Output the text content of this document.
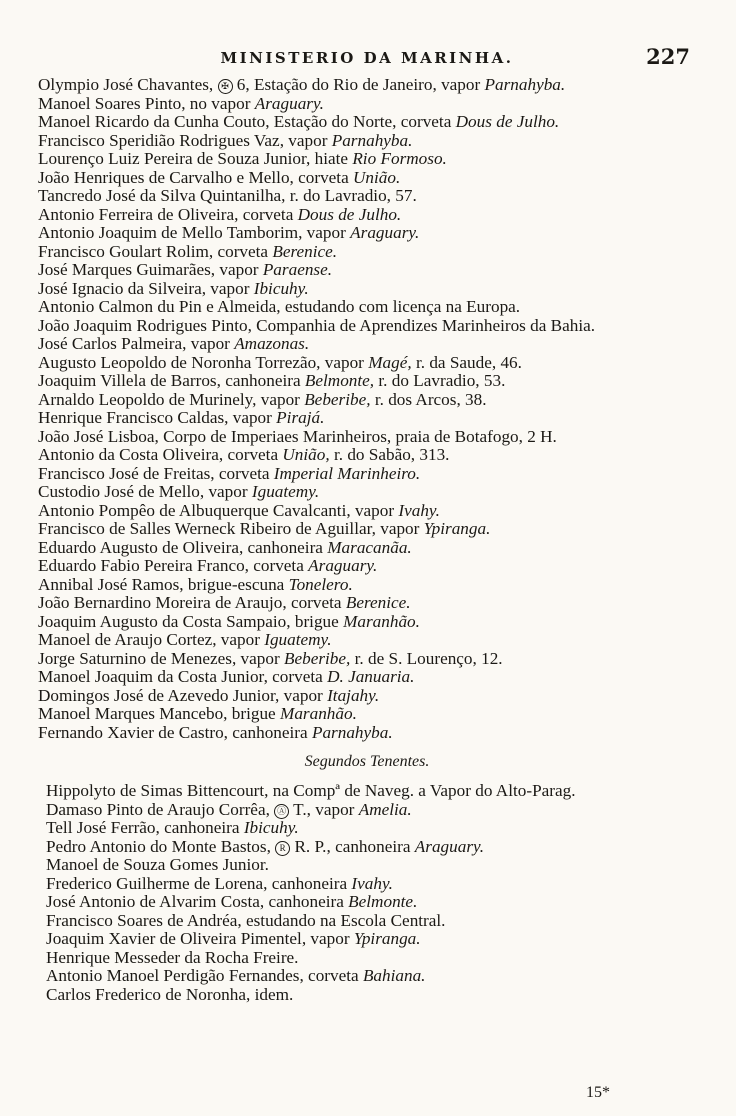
MINISTERIO DA MARINHA.	227
Olympio José Chavantes, ✠ 6, Estação do Rio de Janeiro, vapor Parnahyba.
Manoel Soares Pinto, no vapor Araguary.
Manoel Ricardo da Cunha Couto, Estação do Norte, corveta Dous de Julho.
Francisco Speridião Rodrigues Vaz, vapor Parnahyba.
Lourenço Luiz Pereira de Souza Junior, hiate Rio Formoso.
João Henriques de Carvalho e Mello, corveta União.
Tancredo José da Silva Quintanilha, r. do Lavradio, 57.
Antonio Ferreira de Oliveira, corveta Dous de Julho.
Antonio Joaquim de Mello Tamborim, vapor Araguary.
Francisco Goulart Rolim, corveta Berenice.
José Marques Guimarães, vapor Paraense.
José Ignacio da Silveira, vapor Ibicuhy.
Antonio Calmon du Pin e Almeida, estudando com licença na Europa.
João Joaquim Rodrigues Pinto, Companhia de Aprendizes Marinheiros da Bahia.
José Carlos Palmeira, vapor Amazonas.
Augusto Leopoldo de Noronha Torrezão, vapor Magé, r. da Saude, 46.
Joaquim Villela de Barros, canhoneira Belmonte, r. do Lavradio, 53.
Arnaldo Leopoldo de Murinely, vapor Beberibe, r. dos Arcos, 38.
Henrique Francisco Caldas, vapor Pirajá.
João José Lisboa, Corpo de Imperiaes Marinheiros, praia de Botafogo, 2 H.
Antonio da Costa Oliveira, corveta União, r. do Sabão, 313.
Francisco José de Freitas, corveta Imperial Marinheiro.
Custodio José de Mello, vapor Iguatemy.
Antonio Pompêo de Albuquerque Cavalcanti, vapor Ivahy.
Francisco de Salles Werneck Ribeiro de Aguillar, vapor Ypiranga.
Eduardo Augusto de Oliveira, canhoneira Maracanãa.
Eduardo Fabio Pereira Franco, corveta Araguary.
Annibal José Ramos, brigue-escuna Tonelero.
João Bernardino Moreira de Araujo, corveta Berenice.
Joaquim Augusto da Costa Sampaio, brigue Maranhão.
Manoel de Araujo Cortez, vapor Iguatemy.
Jorge Saturnino de Menezes, vapor Beberibe, r. de S. Lourenço, 12.
Manoel Joaquim da Costa Junior, corveta D. Januaria.
Domingos José de Azevedo Junior, vapor Itajahy.
Manoel Marques Mancebo, brigue Maranhão.
Fernando Xavier de Castro, canhoneira Parnahyba.
Segundos Tenentes.
Hippolyto de Simas Bittencourt, na Compª de Naveg. a Vapor do Alto-Parag.
Damaso Pinto de Araujo Corrêa, Ⓐ T., vapor Amelia.
Tell José Ferrão, canhoneira Ibicuhy.
Pedro Antonio do Monte Bastos, R R. P., canhoneira Araguary.
Manoel de Souza Gomes Junior.
Frederico Guilherme de Lorena, canhoneira Ivahy.
José Antonio de Alvarim Costa, canhoneira Belmonte.
Francisco Soares de Andréa, estudando na Escola Central.
Joaquim Xavier de Oliveira Pimentel, vapor Ypiranga.
Henrique Messeder da Rocha Freire.
Antonio Manoel Perdigão Fernandes, corveta Bahiana.
Carlos Frederico de Noronha, idem.
15*
